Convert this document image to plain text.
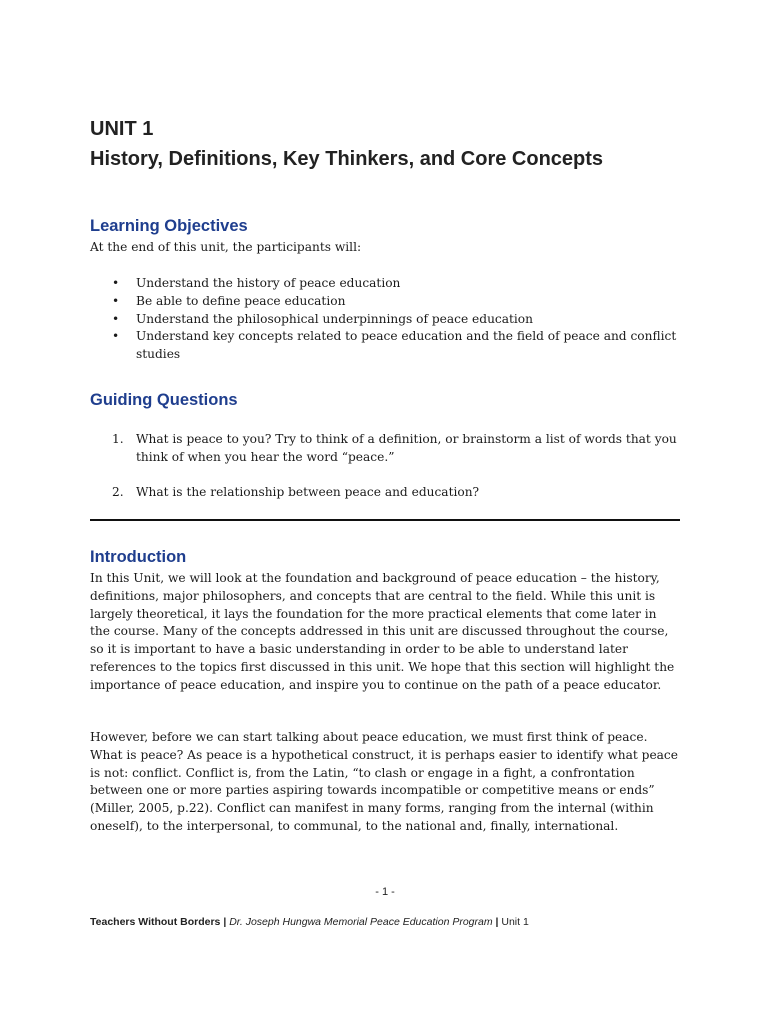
UNIT 1
History, Definitions, Key Thinkers, and Core Concepts
Learning Objectives
At the end of this unit, the participants will:
• Understand the history of peace education
• Be able to define peace education
• Understand the philosophical underpinnings of peace education
• Understand key concepts related to peace education and the field of peace and conflict studies
Guiding Questions
1. What is peace to you? Try to think of a definition, or brainstorm a list of words that you think of when you hear the word “peace.”
2. What is the relationship between peace and education?
Introduction
In this Unit, we will look at the foundation and background of peace education – the history, definitions, major philosophers, and concepts that are central to the field. While this unit is largely theoretical, it lays the foundation for the more practical elements that come later in the course. Many of the concepts addressed in this unit are discussed throughout the course, so it is important to have a basic understanding in order to be able to understand later references to the topics first discussed in this unit. We hope that this section will highlight the importance of peace education, and inspire you to continue on the path of a peace educator.
However, before we can start talking about peace education, we must first think of peace. What is peace? As peace is a hypothetical construct, it is perhaps easier to identify what peace is not: conflict. Conflict is, from the Latin, “to clash or engage in a fight, a confrontation between one or more parties aspiring towards incompatible or competitive means or ends” (Miller, 2005, p.22). Conflict can manifest in many forms, ranging from the internal (within oneself), to the interpersonal, to communal, to the national and, finally, international.
- 1 -
Teachers Without Borders | Dr. Joseph Hungwa Memorial Peace Education Program | Unit 1
